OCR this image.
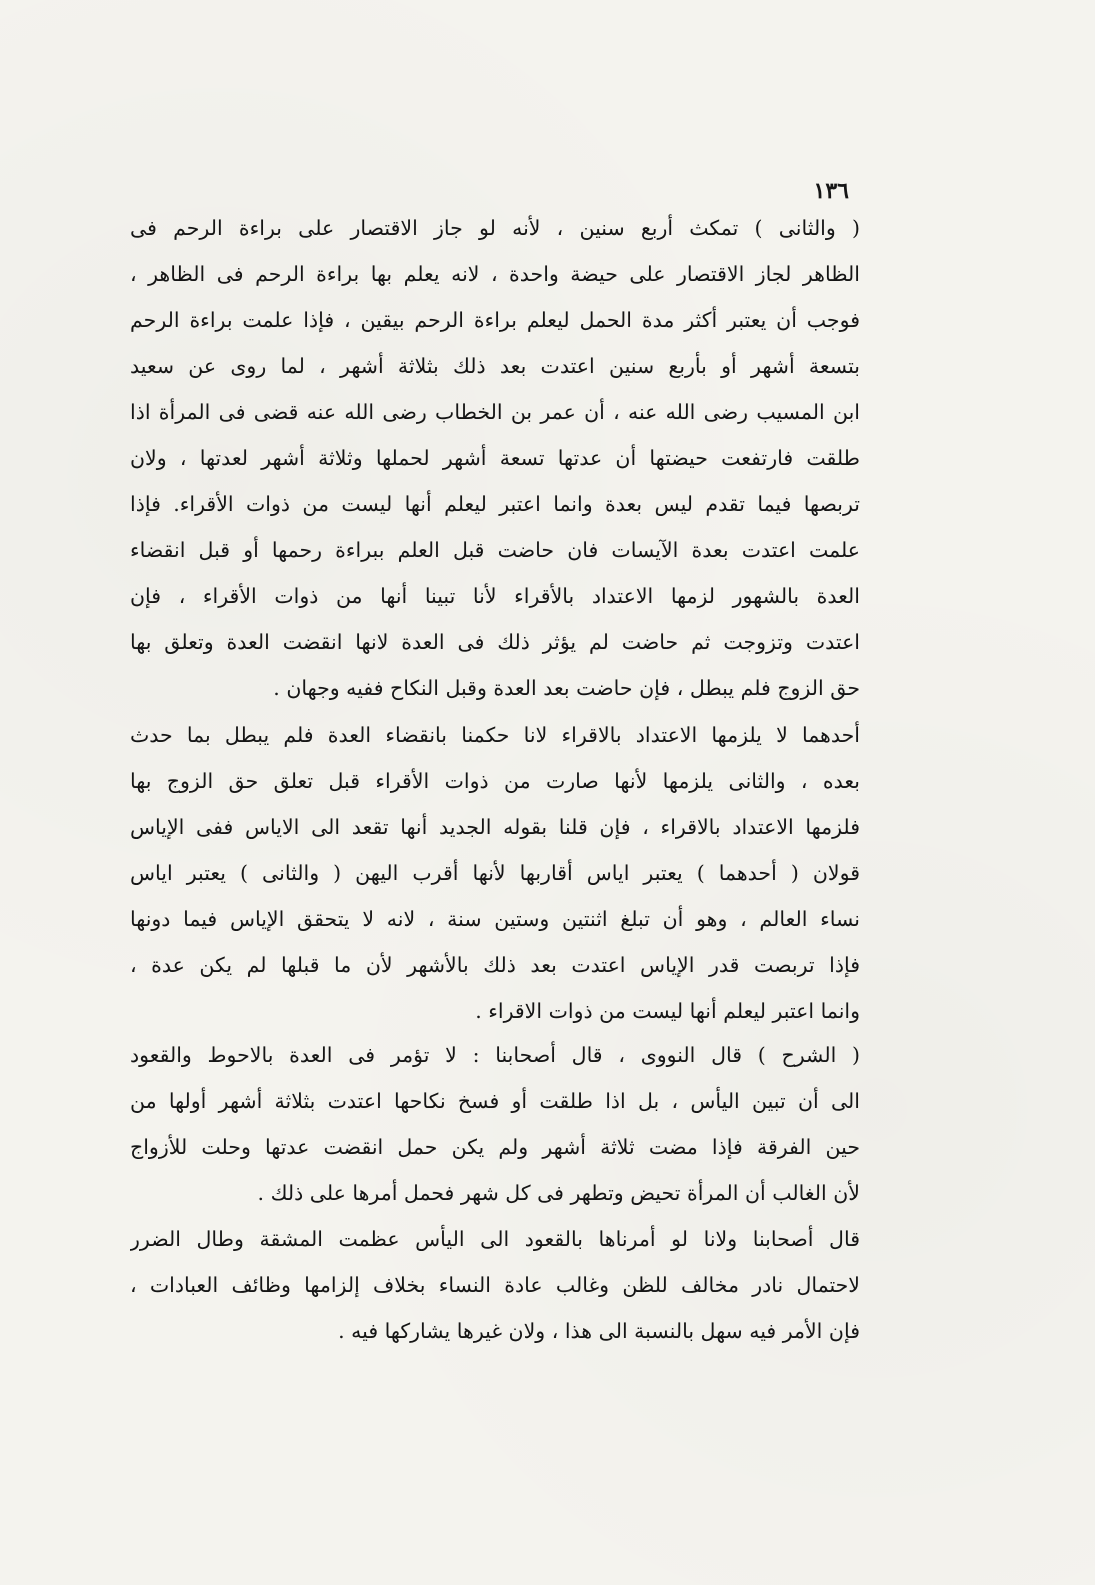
١٣٦
( والثانى ) تمكث أربع سنين ، لأنه لو جاز الاقتصار على براءة الرحم فى
الظاهر لجاز الاقتصار على حيضة واحدة ، لانه يعلم بها براءة الرحم فى الظاهر ،
فوجب أن يعتبر أكثر مدة الحمل ليعلم براءة الرحم بيقين ، فإذا علمت براءة الرحم
بتسعة أشهر أو بأربع سنين اعتدت بعد ذلك بثلاثة أشهر ، لما روى عن سعيد
ابن المسيب رضى الله عنه ، أن عمر بن الخطاب رضى الله عنه قضى فى المرأة اذا
طلقت فارتفعت حيضتها أن عدتها تسعة أشهر لحملها وثلاثة أشهر لعدتها ، ولان
تربصها فيما تقدم ليس بعدة وانما اعتبر ليعلم أنها ليست من ذوات الأقراء. فإذا
علمت اعتدت بعدة الآيسات فان حاضت قبل العلم ببراءة رحمها أو قبل انقضاء
العدة بالشهور لزمها الاعتداد بالأقراء لأنا تبينا أنها من ذوات الأقراء ، فإن
اعتدت وتزوجت ثم حاضت لم يؤثر ذلك فى العدة لانها انقضت العدة وتعلق بها
حق الزوج فلم يبطل ، فإن حاضت بعد العدة وقبل النكاح ففيه وجهان .
أحدهما لا يلزمها الاعتداد بالاقراء لانا حكمنا بانقضاء العدة فلم يبطل بما حدث
بعده ، والثانى يلزمها لأنها صارت من ذوات الأقراء قبل تعلق حق الزوج بها
فلزمها الاعتداد بالاقراء ، فإن قلنا بقوله الجديد أنها تقعد الى الاياس ففى الإياس
قولان ( أحدهما ) يعتبر اياس أقاربها لأنها أقرب اليهن ( والثانى ) يعتبر اياس
نساء العالم ، وهو أن تبلغ اثنتين وستين سنة ، لانه لا يتحقق الإياس فيما دونها
فإذا تربصت قدر الإياس اعتدت بعد ذلك بالأشهر لأن ما قبلها لم يكن عدة ،
وانما اعتبر ليعلم أنها ليست من ذوات الاقراء .
( الشرح ) قال النووى ، قال أصحابنا : لا تؤمر فى العدة بالاحوط والقعود
الى أن تبين اليأس ، بل اذا طلقت أو فسخ نكاحها اعتدت بثلاثة أشهر أولها من
حين الفرقة فإذا مضت ثلاثة أشهر ولم يكن حمل انقضت عدتها وحلت للأزواج
لأن الغالب أن المرأة تحيض وتطهر فى كل شهر فحمل أمرها على ذلك .
قال أصحابنا ولانا لو أمرناها بالقعود الى اليأس عظمت المشقة وطال الضرر
لاحتمال نادر مخالف للظن وغالب عادة النساء بخلاف إلزامها وظائف العبادات ،
فإن الأمر فيه سهل بالنسبة الى هذا ، ولان غيرها يشاركها فيه .
